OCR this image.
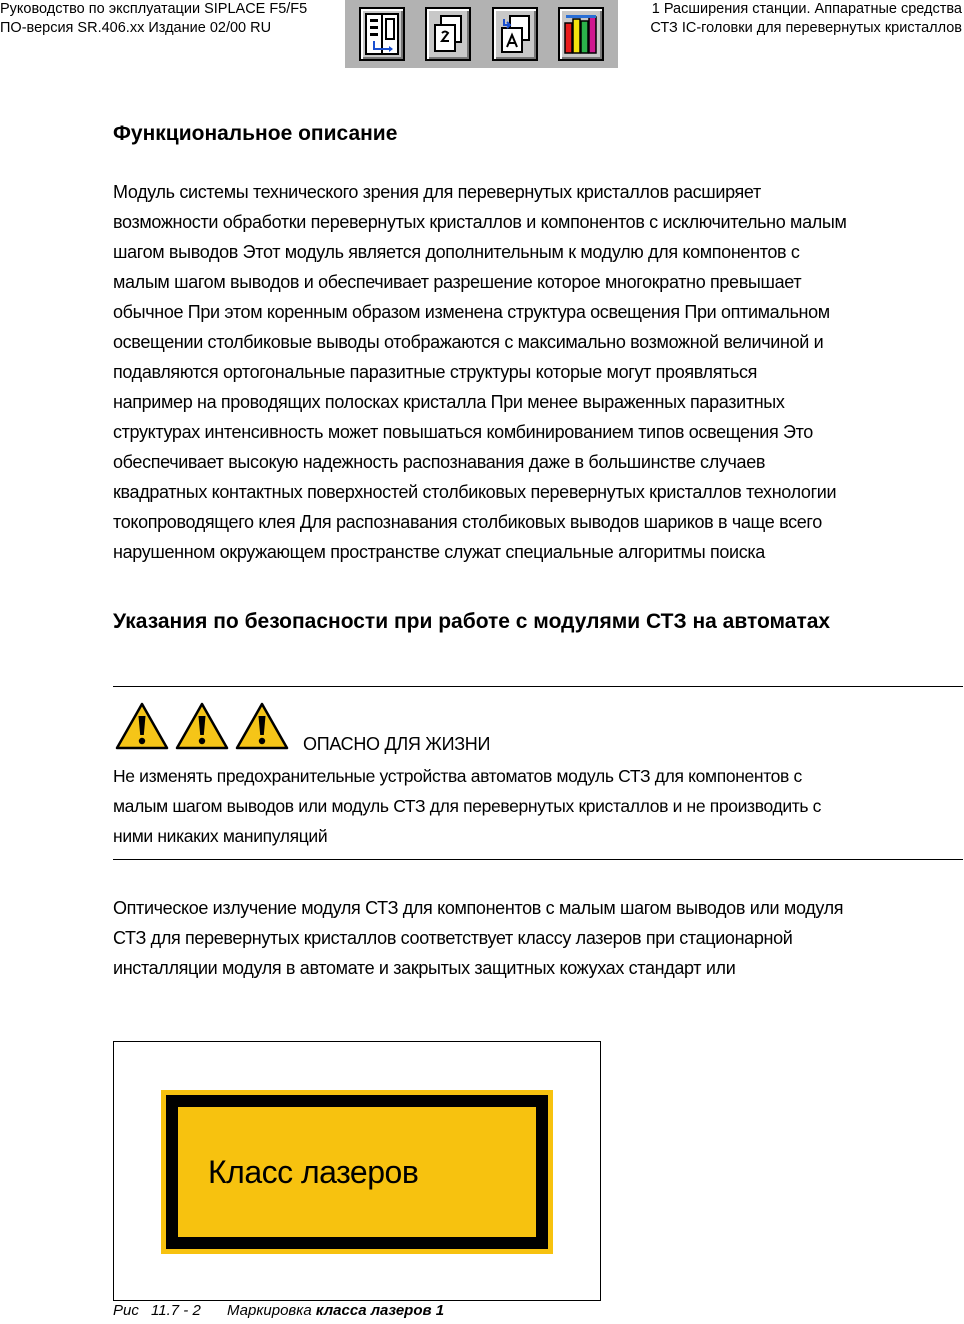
Руководство по эксплуатации SIPLACE F5/F5
ПО-версия SR.406.xx Издание 02/00 RU
1 Расширения станции. Аппаратные средства
СТЗ IC-головки для перевернутых кристаллов
Функциональное описание
Модуль системы технического зрения для перевернутых кристаллов расширяет
возможности обработки перевернутых кристаллов и компонентов с исключительно малым
шагом выводов Этот модуль является дополнительным к модулю для компонентов с
малым шагом выводов и обеспечивает разрешение которое многократно превышает
обычное При этом коренным образом изменена структура освещения При оптимальном
освещении столбиковые выводы отображаются с максимально возможной величиной и
подавляются ортогональные паразитные структуры которые могут проявляться
например на проводящих полосках кристалла При менее выраженных паразитных
структурах интенсивность может повышаться комбинированием типов освещения Это
обеспечивает высокую надежность распознавания даже в большинстве случаев
квадратных контактных поверхностей столбиковых перевернутых кристаллов технологии
токопроводящего клея Для распознавания столбиковых выводов шариков в чаще всего
нарушенном окружающем пространстве служат специальные алгоритмы поиска
Указания по безопасности при работе с модулями СТЗ на автоматах
ОПАСНО ДЛЯ ЖИЗНИ
Не изменять предохранительные устройства автоматов модуль СТЗ для компонентов с
малым шагом выводов или модуль СТЗ для перевернутых кристаллов и не производить с
ними никаких манипуляций
Оптическое излучение модуля СТЗ для компонентов с малым шагом выводов или модуля
СТЗ для перевернутых кристаллов соответствует классу лазеров при стационарной
инсталляции модуля в автомате и закрытых защитных кожухах стандарт или
Класс лазеров
Рис 11.7 - 2 Маркировка класса лазеров 1
